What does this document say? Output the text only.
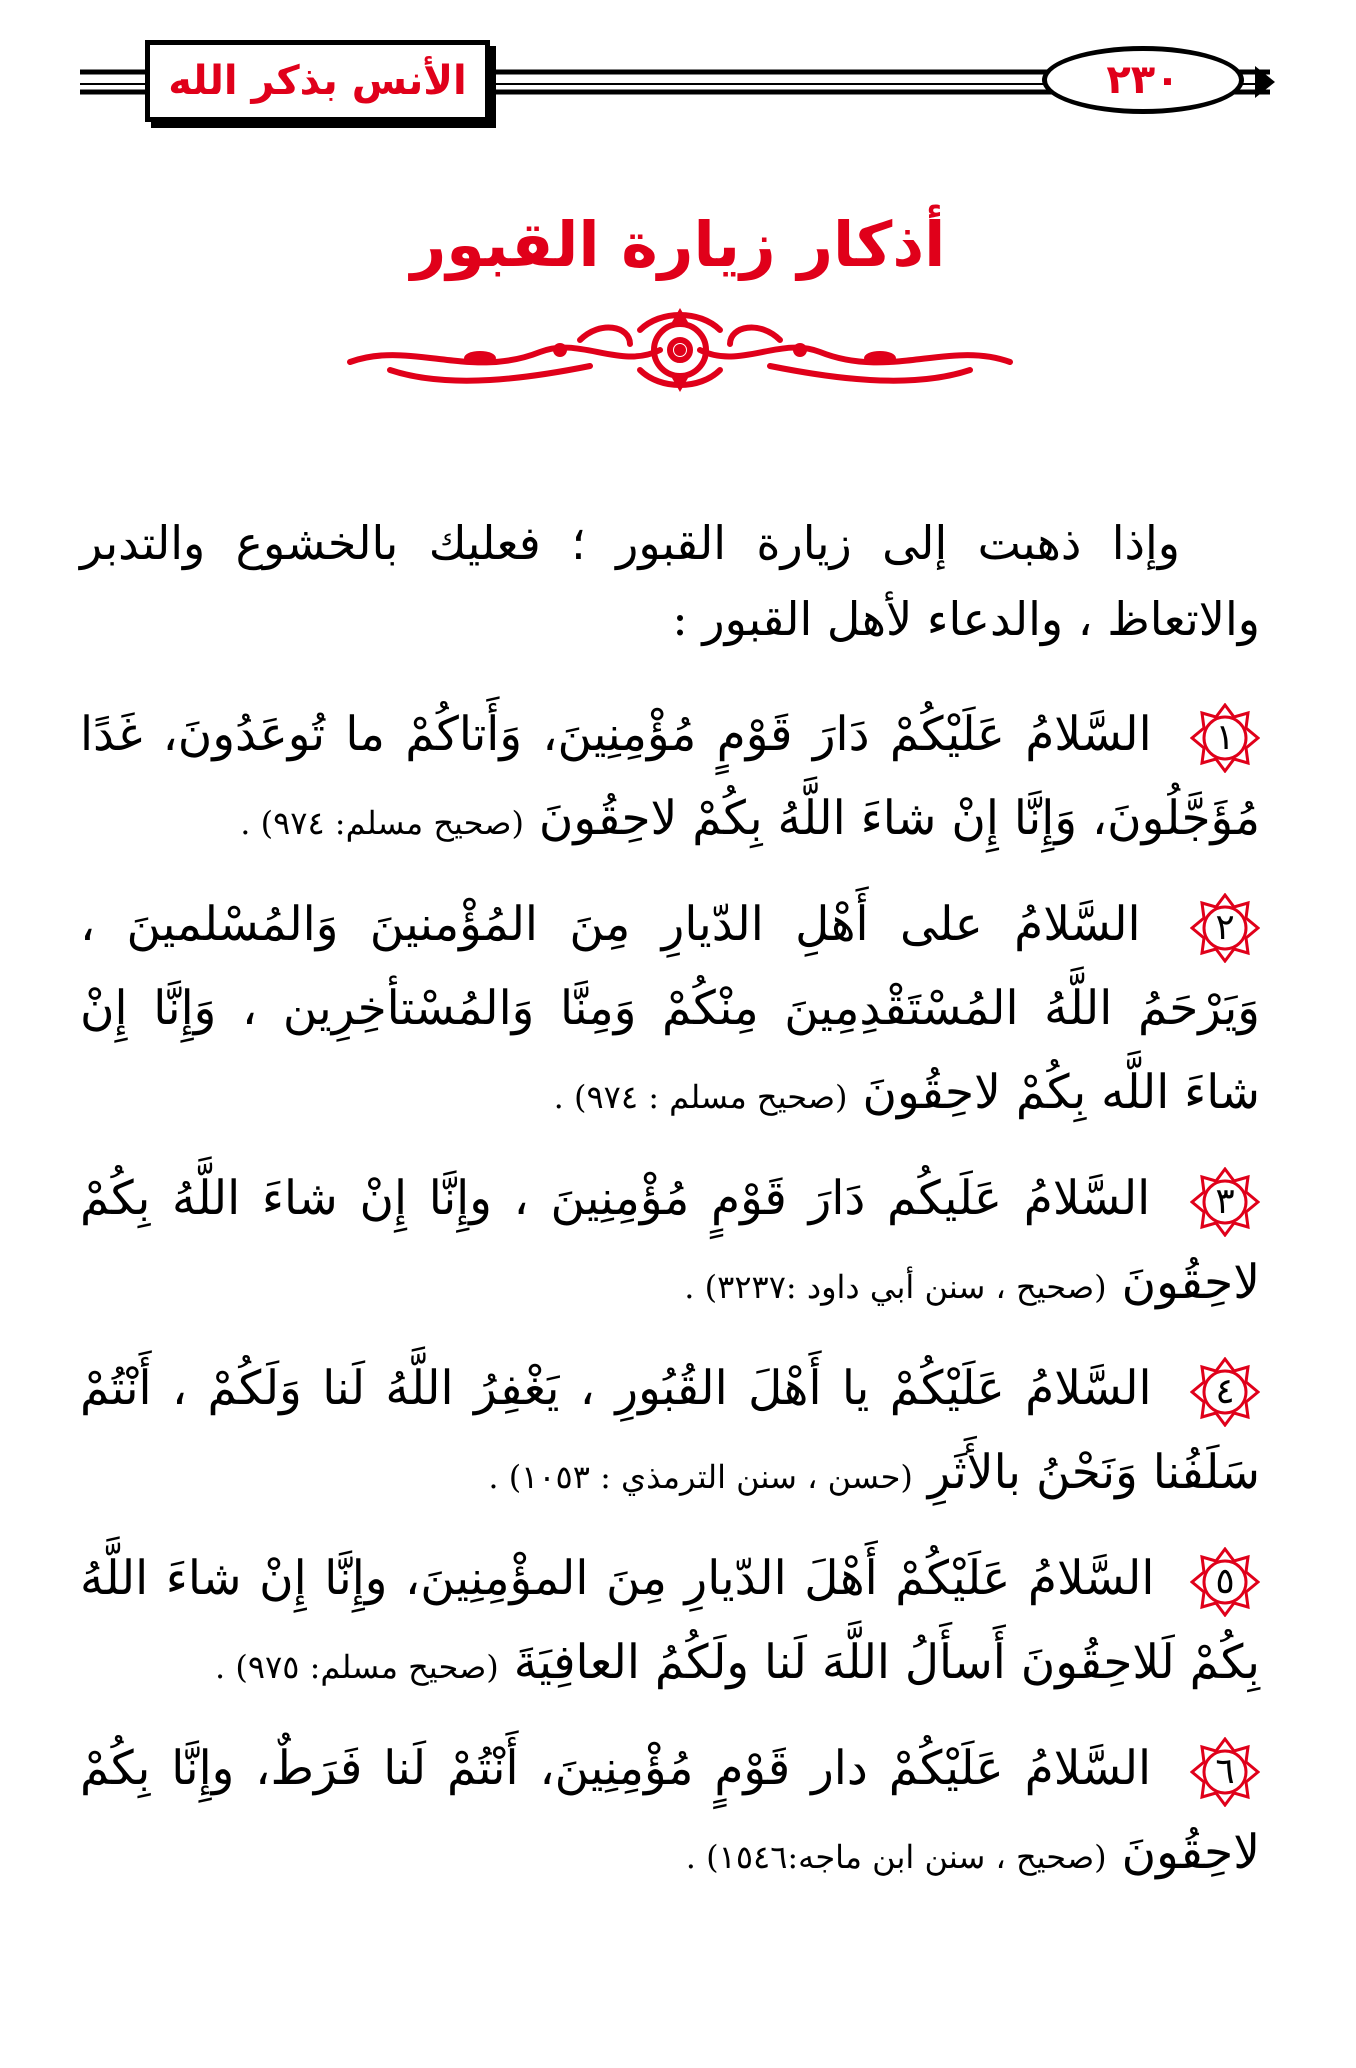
الأنس بذكر الله	٢٣٠
أذكار زيارة القبور

وإذا ذهبت إلى زيارة القبور ؛ فعليك بالخشوع والتدبر والاتعاظ ، والدعاء لأهل القبور :

١
السَّلامُ عَلَيْكُمْ دَارَ قَوْمٍ مُؤْمِنِينَ، وَأَتاكُمْ ما تُوعَدُونَ، غَدًا مُؤَجَّلُونَ، وَإِنَّا إِنْ شاءَ اللَّهُ بِكُمْ لاحِقُونَ (صحيح مسلم: ٩٧٤) .

٢
السَّلامُ على أَهْلِ الدّيارِ مِنَ المُؤْمنينَ وَالمُسْلمينَ ، وَيَرْحَمُ اللَّهُ المُسْتَقْدِمِينَ مِنْكُمْ وَمِنَّا وَالمُسْتأخِرِين ، وَإِنَّا إِنْ شاءَ اللَّه بِكُمْ لاحِقُونَ (صحيح مسلم : ٩٧٤) .

٣
السَّلامُ عَلَيكُم دَارَ قَوْمٍ مُؤْمِنِينَ ، وإِنَّا إِنْ شاءَ اللَّهُ بِكُمْ لاحِقُونَ (صحيح ، سنن أبي داود :٣٢٣٧) .

٤
السَّلامُ عَلَيْكُمْ يا أَهْلَ القُبُورِ ، يَغْفِرُ اللَّهُ لَنا وَلَكُمْ ، أَنْتُمْ سَلَفُنا وَنَحْنُ بالأَثَرِ (حسن ، سنن الترمذي : ١٠٥٣) .

٥
السَّلامُ عَلَيْكُمْ أَهْلَ الدّيارِ مِنَ المؤْمِنِينَ، وإِنَّا إِنْ شاءَ اللَّهُ بِكُمْ لَلاحِقُونَ أَسأَلُ اللَّهَ لَنا ولَكُمُ العافِيَةَ (صحيح مسلم: ٩٧٥) .

٦
السَّلامُ عَلَيْكُمْ دار قَوْمٍ مُؤْمِنِينَ، أَنْتُمْ لَنا فَرَطٌ، وإِنَّا بِكُمْ لاحِقُونَ (صحيح ، سنن ابن ماجه:١٥٤٦) .
